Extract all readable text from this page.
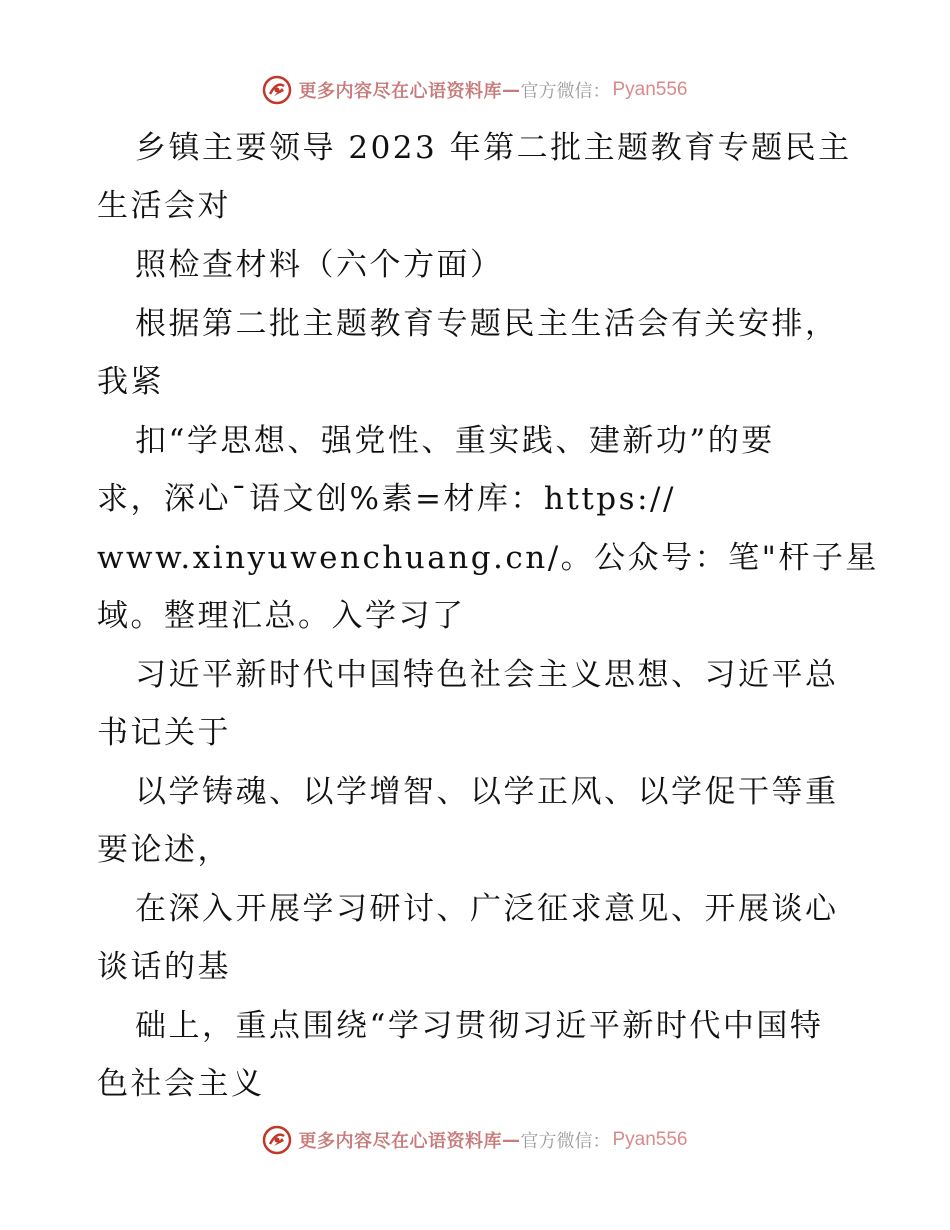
更多内容尽在心语资料库 — 官方微信： Pyan556
乡镇主要领导 2023 年第二批主题教育专题民主
生活会对
照检查材料（六个方面）
根据第二批主题教育专题民主生活会有关安排，
我紧
扣“学思想、强党性、重实践、建新功”的要
求，深心¯语文创%素=材库：https://
www.xinyuwenchuang.cn/。公众号：笔"杆子星
域。整理汇总。入学习了
习近平新时代中国特色社会主义思想、习近平总
书记关于
以学铸魂、以学增智、以学正风、以学促干等重
要论述，
在深入开展学习研讨、广泛征求意见、开展谈心
谈话的基
础上，重点围绕“学习贯彻习近平新时代中国特
色社会主义
更多内容尽在心语资料库 — 官方微信： Pyan556
